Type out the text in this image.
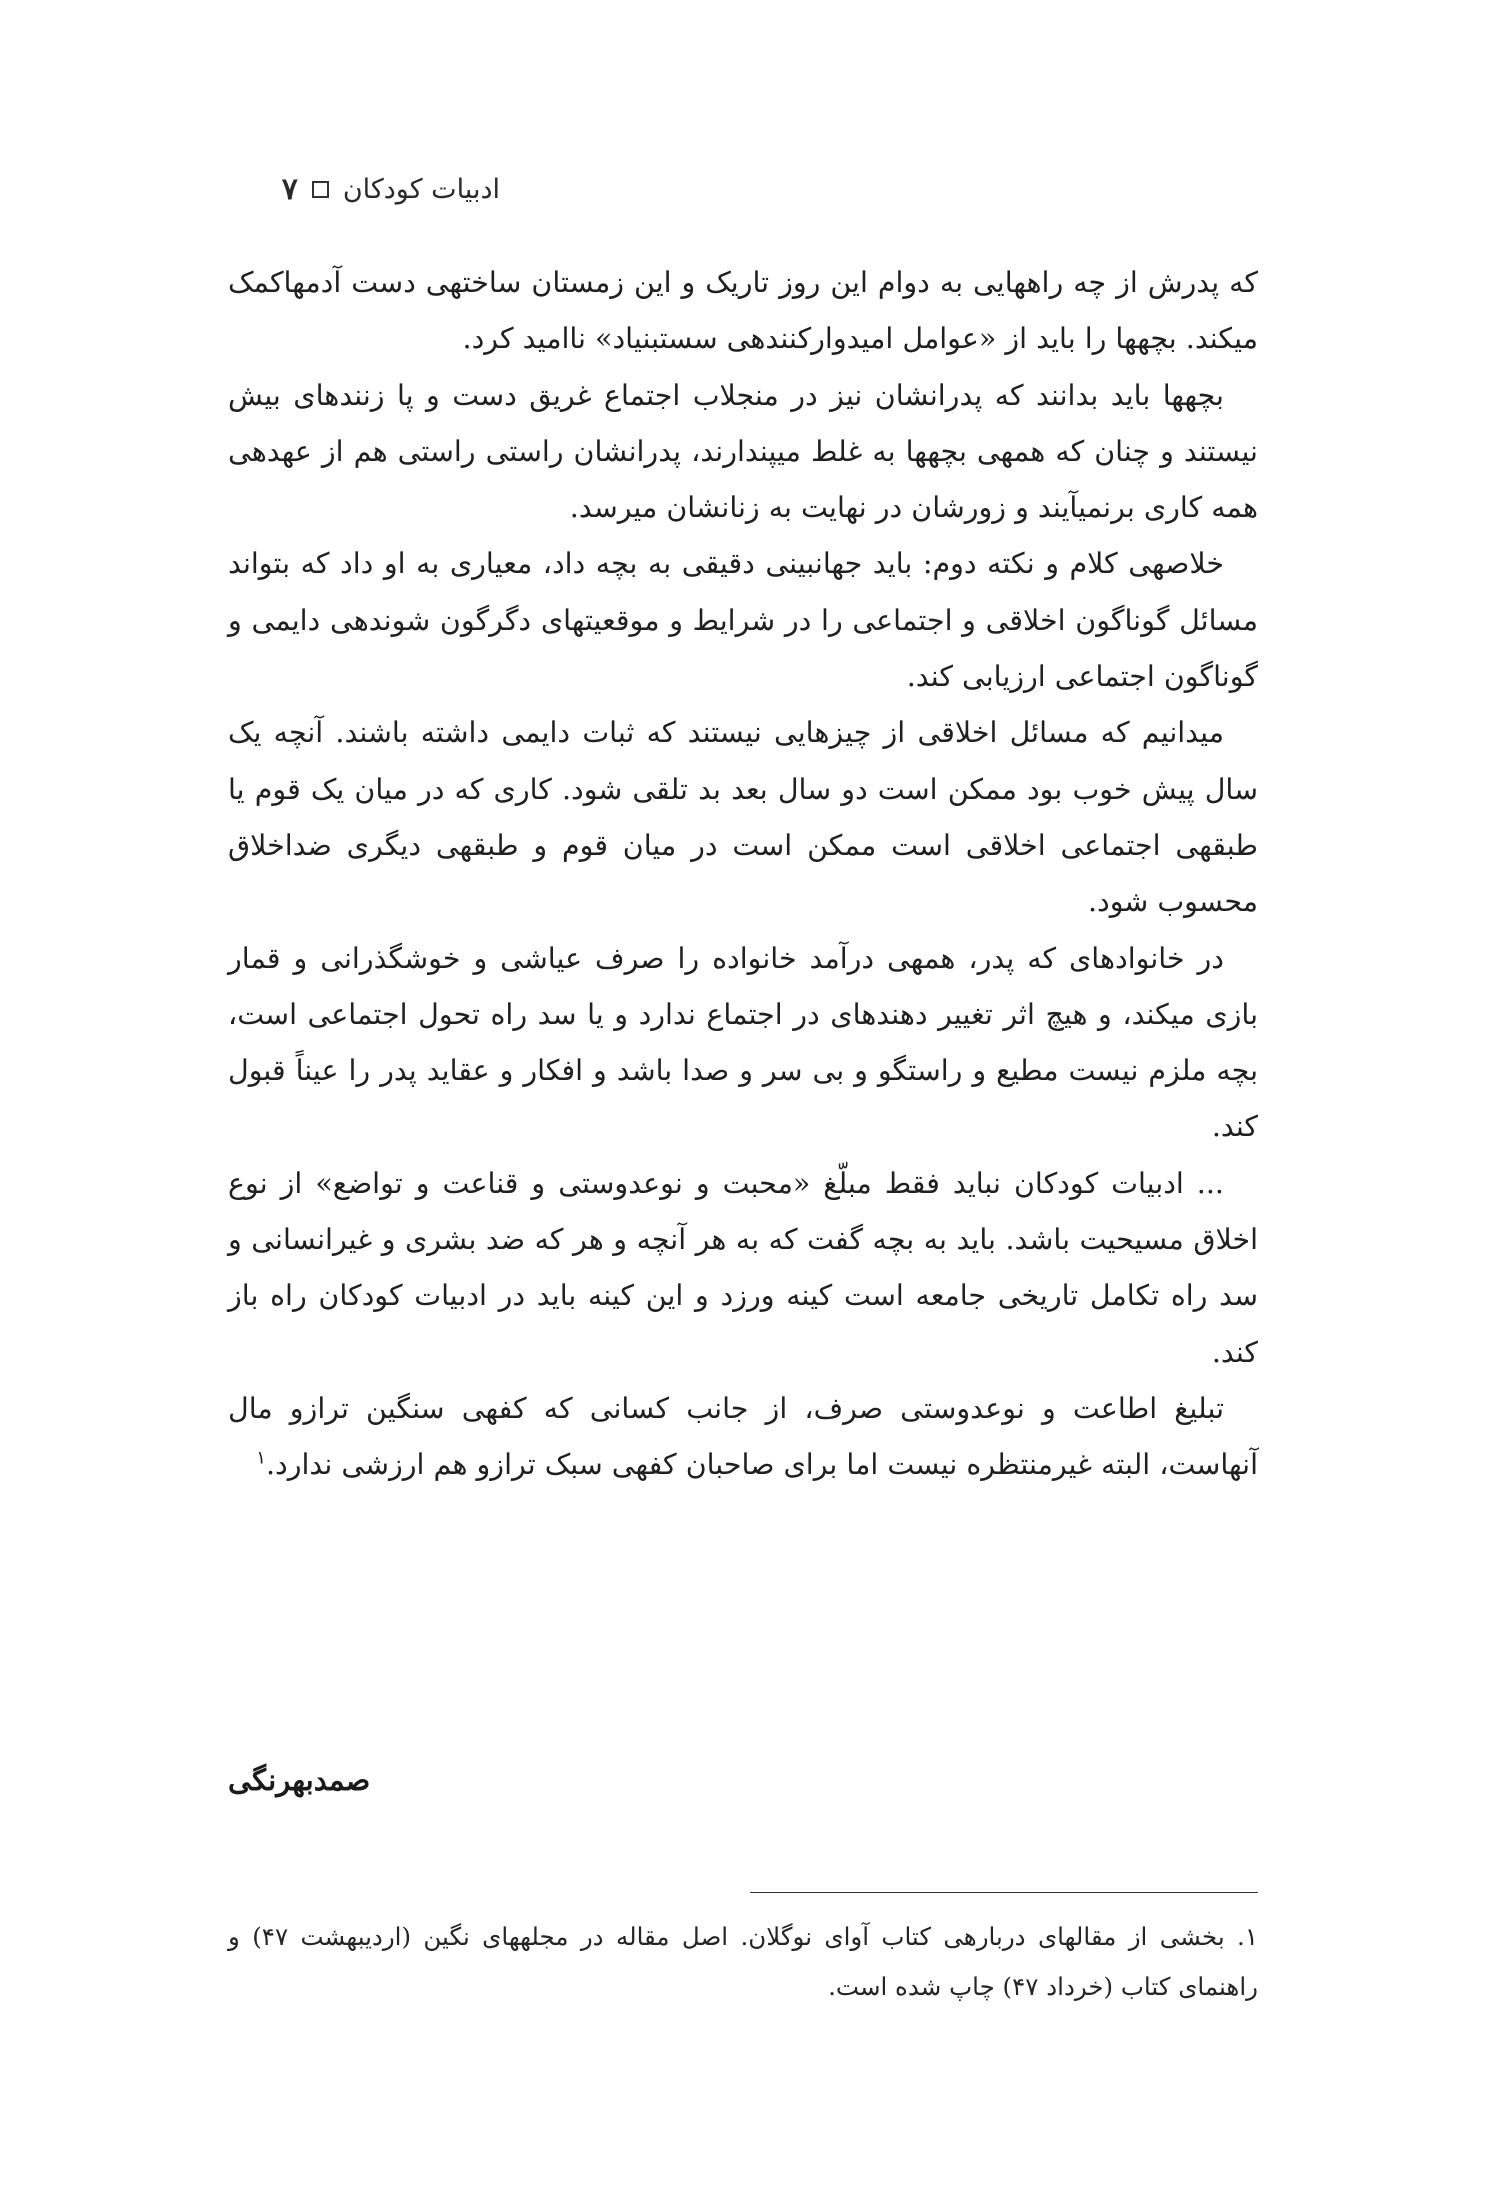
ادبیات کودکان
۷

که پدرش از چه راههایی به دوام این روز تاریک و این زمستان ساختهی دست آدمهاکمک میکند. بچهها را باید از «عوامل امیدوارکنندهی سستبنیاد» ناامید کرد.

بچهها باید بدانند که پدرانشان نیز در منجلاب اجتماع غریق دست و پا زنندهای بیش نیستند و چنان که همهی بچهها به غلط میپندارند، پدرانشان راستی راستی هم از عهدهی همه کاری برنمیآیند و زورشان در نهایت به زنانشان میرسد.

خلاصهی کلام و نکته دوم: باید جهانبینی دقیقی به بچه داد، معیاری به او داد که بتواند مسائل گوناگون اخلاقی و اجتماعی را در شرایط و موقعیتهای دگرگون شوندهی دایمی و گوناگون اجتماعی ارزیابی کند.

میدانیم که مسائل اخلاقی از چیزهایی نیستند که ثبات دایمی داشته باشند. آنچه یک سال پیش خوب بود ممکن است دو سال بعد بد تلقی شود. کاری که در میان یک قوم یا طبقهی اجتماعی اخلاقی است ممکن است در میان قوم و طبقهی دیگری ضداخلاق محسوب شود.

در خانوادهای که پدر، همهی درآمد خانواده را صرف عیاشی و خوشگذرانی و قمار بازی میکند، و هیچ اثر تغییر دهندهای در اجتماع ندارد و یا سد راه تحول اجتماعی است، بچه ملزم نیست مطیع و راستگو و بی سر و صدا باشد و افکار و عقاید پدر را عیناً قبول کند.

... ادبیات کودکان نباید فقط مبلّغ «محبت و نوعدوستی و قناعت و تواضع» از نوع اخلاق مسیحیت باشد. باید به بچه گفت که به هر آنچه و هر که ضد بشری و غیرانسانی و سد راه تکامل تاریخی جامعه است کینه ورزد و این کینه باید در ادبیات کودکان راه باز کند.

تبلیغ اطاعت و نوعدوستی صرف، از جانب کسانی که کفهی سنگین ترازو مال آنهاست، البته غیرمنتظره نیست اما برای صاحبان کفهی سبک ترازو هم ارزشی ندارد.$^۱$

صمدبهرنگی

۱. بخشی از مقالهای دربارهی کتاب آوای نوگلان. اصل مقاله در مجلههای نگین (اردیبهشت ۴۷) و راهنمای کتاب (خرداد ۴۷) چاپ شده است.
